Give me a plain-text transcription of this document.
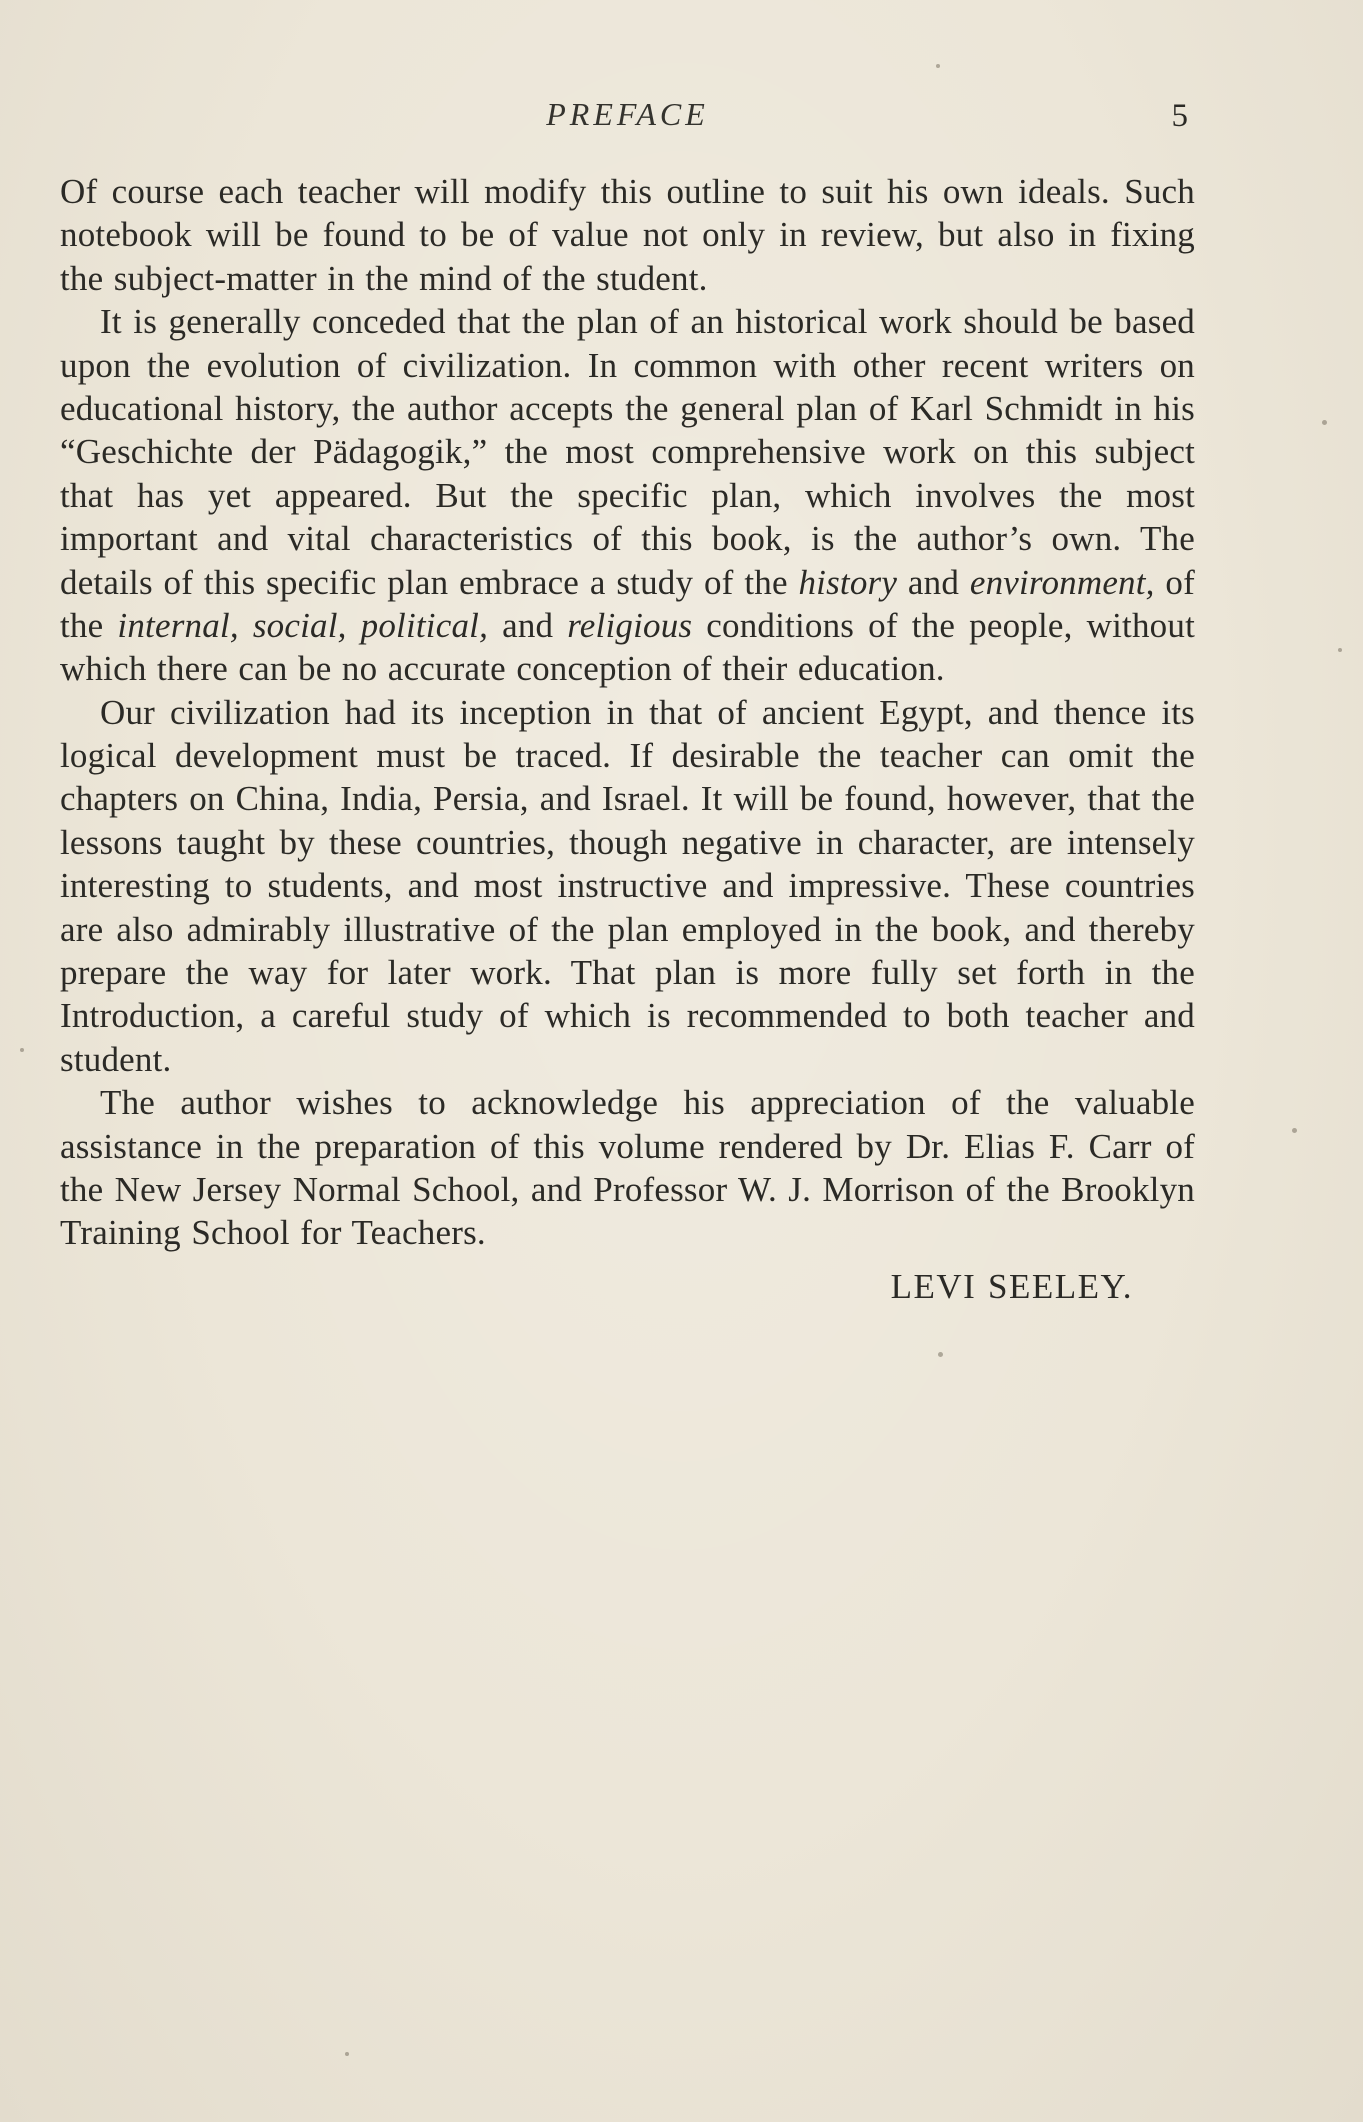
PREFACE	5

Of course each teacher will modify this outline to suit his own ideals. Such notebook will be found to be of value not only in review, but also in fixing the subject-matter in the mind of the student.

It is generally conceded that the plan of an historical work should be based upon the evolution of civilization. In common with other recent writers on educational history, the author accepts the general plan of Karl Schmidt in his “Geschichte der Pädagogik,” the most comprehensive work on this subject that has yet appeared. But the specific plan, which involves the most important and vital characteristics of this book, is the author’s own. The details of this specific plan embrace a study of the history and environment, of the internal, social, political, and religious conditions of the people, without which there can be no accurate conception of their education.

Our civilization had its inception in that of ancient Egypt, and thence its logical development must be traced. If desirable the teacher can omit the chapters on China, India, Persia, and Israel. It will be found, however, that the lessons taught by these countries, though negative in character, are intensely interesting to students, and most instructive and impressive. These countries are also admirably illustrative of the plan employed in the book, and thereby prepare the way for later work. That plan is more fully set forth in the Introduction, a careful study of which is recommended to both teacher and student.

The author wishes to acknowledge his appreciation of the valuable assistance in the preparation of this volume rendered by Dr. Elias F. Carr of the New Jersey Normal School, and Professor W. J. Morrison of the Brooklyn Training School for Teachers.

LEVI SEELEY.
